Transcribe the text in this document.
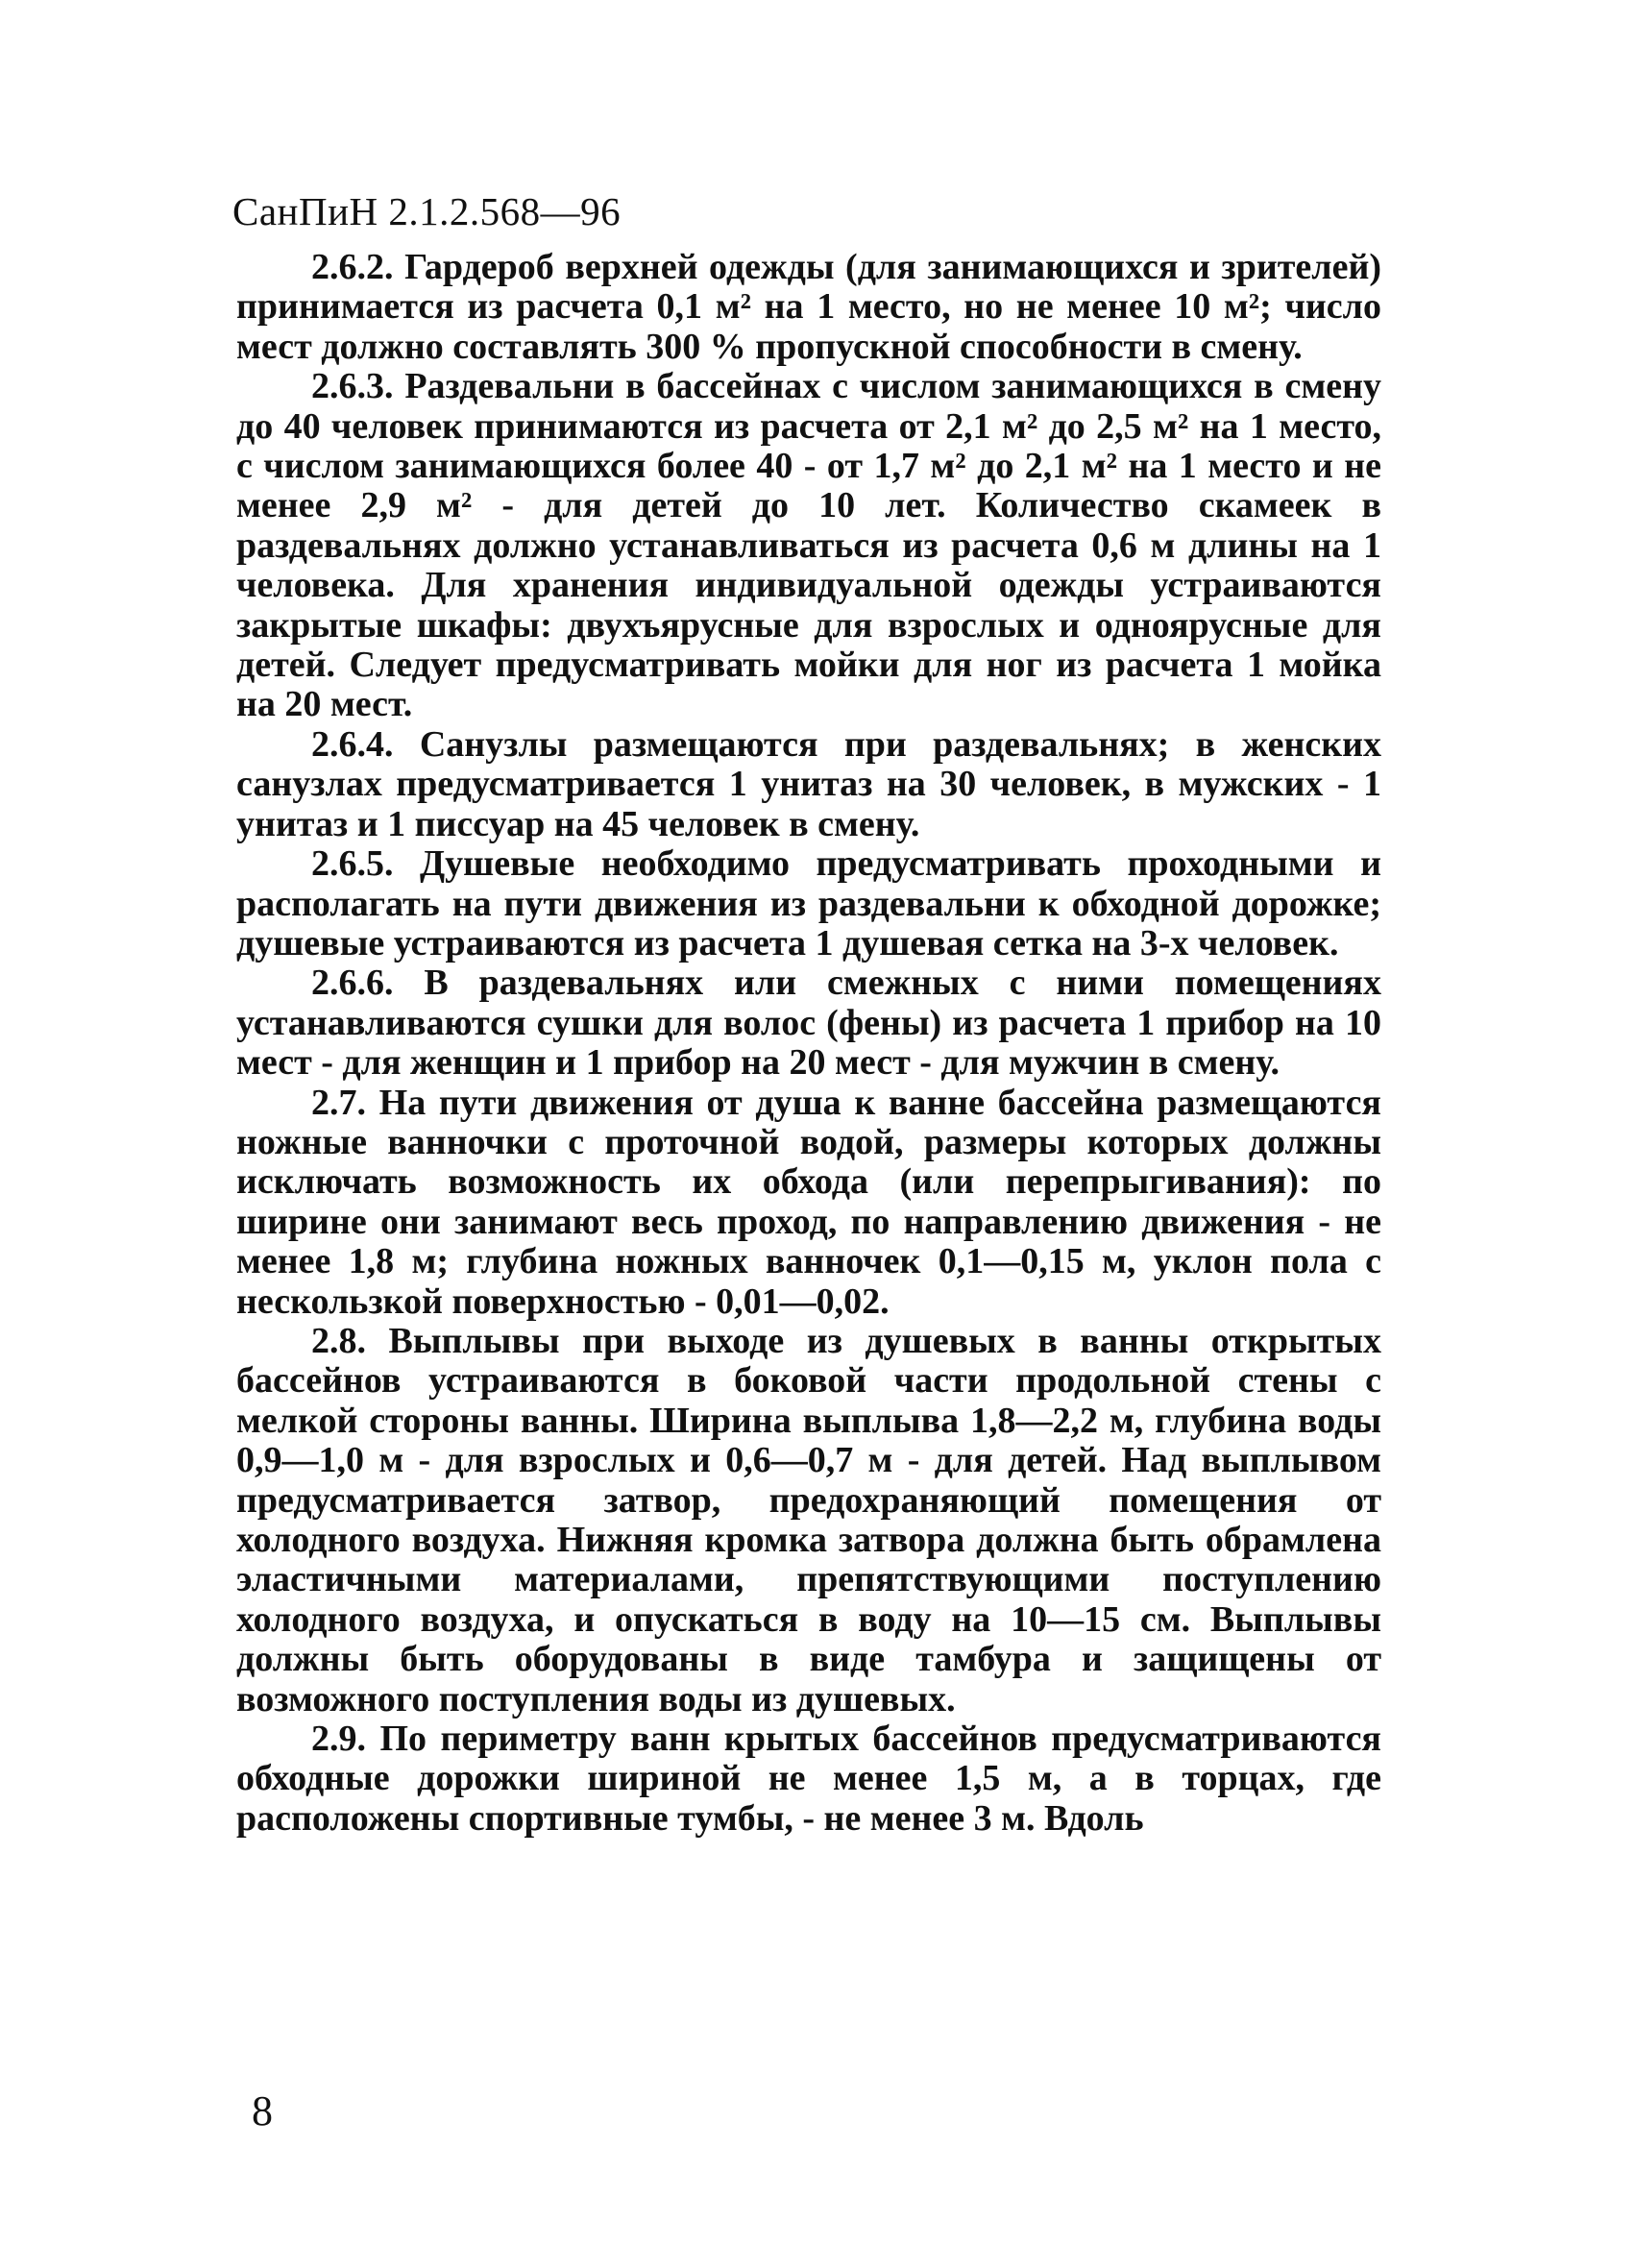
СанПиН 2.1.2.568—96

2.6.2. Гардероб верхней одежды (для занимающихся и зрителей) принимается из расчета 0,1 м² на 1 место, но не менее 10 м²; число мест должно составлять 300 % пропускной способности в смену.

2.6.3. Раздевальни в бассейнах с числом занимающихся в смену до 40 человек принимаются из расчета от 2,1 м² до 2,5 м² на 1 место, с числом занимающихся более 40 - от 1,7 м² до 2,1 м² на 1 место и не менее 2,9 м² - для детей до 10 лет. Количество скамеек в раздевальнях должно устанавливаться из расчета 0,6 м длины на 1 человека. Для хранения индивидуальной одежды устраиваются закрытые шкафы: двухъярусные для взрослых и одноярусные для детей. Следует предусматривать мойки для ног из расчета 1 мойка на 20 мест.

2.6.4. Санузлы размещаются при раздевальнях; в женских санузлах предусматривается 1 унитаз на 30 человек, в мужских - 1 унитаз и 1 писсуар на 45 человек в смену.

2.6.5. Душевые необходимо предусматривать проходными и располагать на пути движения из раздевальни к обходной дорожке; душевые устраиваются из расчета 1 душевая сетка на 3-х человек.

2.6.6. В раздевальнях или смежных с ними помещениях устанавливаются сушки для волос (фены) из расчета 1 прибор на 10 мест - для женщин и 1 прибор на 20 мест - для мужчин в смену.

2.7. На пути движения от душа к ванне бассейна размещаются ножные ванночки с проточной водой, размеры которых должны исключать возможность их обхода (или перепрыгивания): по ширине они занимают весь проход, по направлению движения - не менее 1,8 м; глубина ножных ванночек 0,1—0,15 м, уклон пола с нескользкой поверхностью - 0,01—0,02.

2.8. Выплывы при выходе из душевых в ванны открытых бассейнов устраиваются в боковой части продольной стены с мелкой стороны ванны. Ширина выплыва 1,8—2,2 м, глубина воды 0,9—1,0 м - для взрослых и 0,6—0,7 м - для детей. Над выплывом предусматривается затвор, предохраняющий помещения от холодного воздуха. Нижняя кромка затвора должна быть обрамлена эластичными материалами, препятствующими поступлению холодного воздуха, и опускаться в воду на 10—15 см. Выплывы должны быть оборудованы в виде тамбура и защищены от возможного поступления воды из душевых.

2.9. По периметру ванн крытых бассейнов предусматриваются обходные дорожки шириной не менее 1,5 м, а в торцах, где расположены спортивные тумбы, - не менее 3 м. Вдоль

8
